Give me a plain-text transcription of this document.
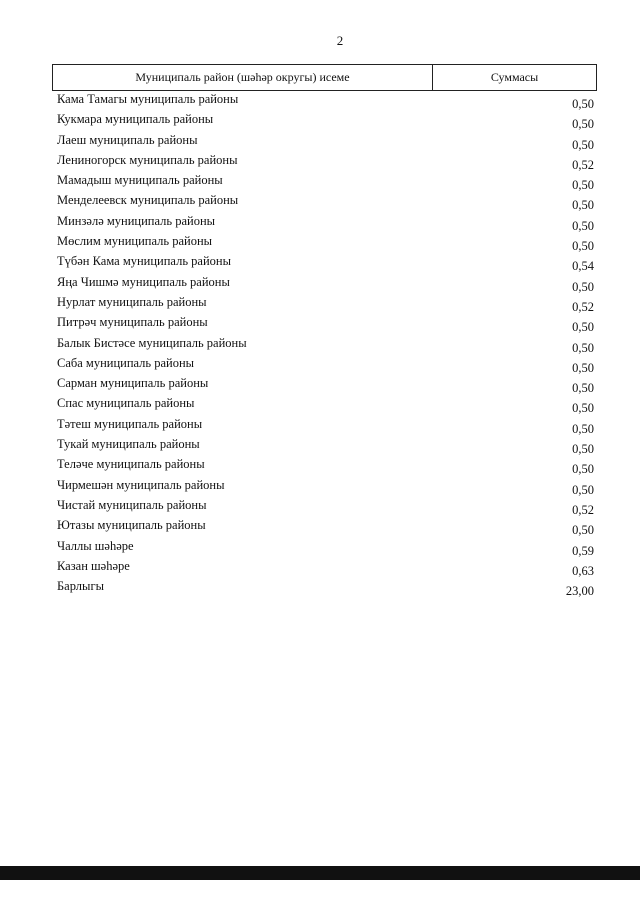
2
Муниципаль район (шәһәр округы) исеме	Суммасы
Кама Тамагы муниципаль районы	0,50
Кукмара муниципаль районы	0,50
Лаеш муниципаль районы	0,50
Лениногорск муниципаль районы	0,52
Мамадыш муниципаль районы	0,50
Менделеевск муниципаль районы	0,50
Минзәлә муниципаль районы	0,50
Мөслим муниципаль районы	0,50
Түбән Кама муниципаль районы	0,54
Яңа Чишмә муниципаль районы	0,50
Нурлат муниципаль районы	0,52
Питрәч муниципаль районы	0,50
Балык Бистәсе муниципаль районы	0,50
Саба муниципаль районы	0,50
Сарман муниципаль районы	0,50
Спас муниципаль районы	0,50
Тәтеш муниципаль районы	0,50
Тукай муниципаль районы	0,50
Теләче муниципаль районы	0,50
Чирмешән муниципаль районы	0,50
Чистай муниципаль районы	0,52
Ютазы муниципаль районы	0,50
Чаллы шәһәре	0,59
Казан шәһәре	0,63
Барлыгы	23,00
